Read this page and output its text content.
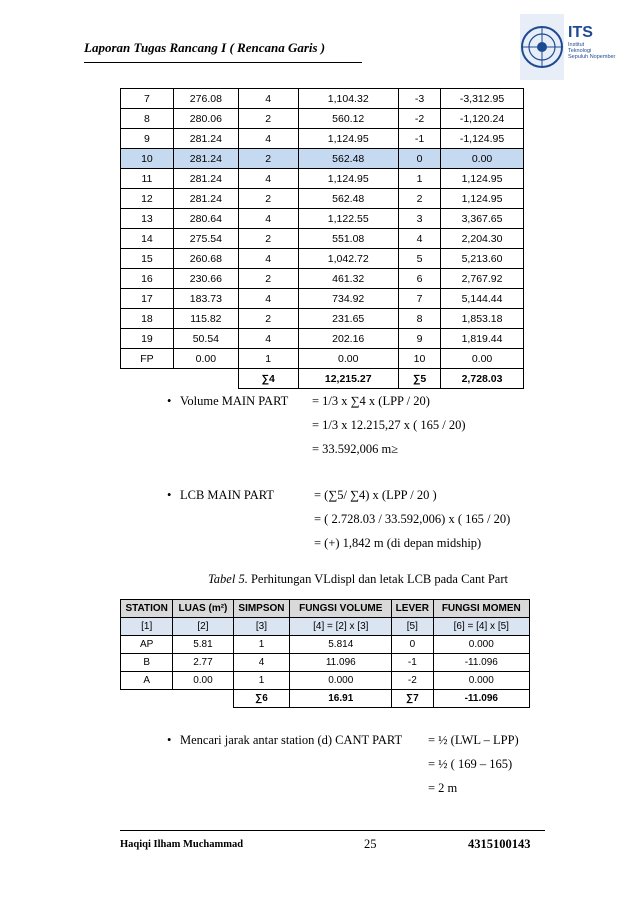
Laporan Tugas Rancang I ( Rencana Garis )
ITS
Institut
Teknologi
Sepuluh Nopember
7	276.08	4	1,104.32	-3	-3,312.95
8	280.06	2	560.12	-2	-1,120.24
9	281.24	4	1,124.95	-1	-1,124.95
10	281.24	2	562.48	0	0.00
11	281.24	4	1,124.95	1	1,124.95
12	281.24	2	562.48	2	1,124.95
13	280.64	4	1,122.55	3	3,367.65
14	275.54	2	551.08	4	2,204.30
15	260.68	4	1,042.72	5	5,213.60
16	230.66	2	461.32	6	2,767.92
17	183.73	4	734.92	7	5,144.44
18	115.82	2	231.65	8	1,853.18
19	50.54	4	202.16	9	1,819.44
FP	0.00	1	0.00	10	0.00
		∑4	12,215.27	∑5	2,728.03
• Volume MAIN PART = 1/3 x ∑4 x (LPP / 20)
= 1/3 x 12.215,27 x ( 165 / 20)
= 33.592,006 m≥
• LCB MAIN PART	= (∑5/ ∑4) x (LPP / 20 )
= ( 2.728.03 / 33.592,006) x ( 165 / 20)
= (+) 1,842 m (di depan midship)
Tabel 5. Perhitungan VLdispl dan letak LCB pada Cant Part
STATION	LUAS (m²)	SIMPSON	FUNGSI VOLUME	LEVER	FUNGSI MOMEN
[1]	[2]	[3]	[4] = [2] x [3]	[5]	[6] = [4] x [5]
AP	5.81	1	5.814	0	0.000
B	2.77	4	11.096	-1	-11.096
A	0.00	1	0.000	-2	0.000
		∑6	16.91	∑7	-11.096
• Mencari jarak antar station (d) CANT PART = ½ (LWL – LPP)
= ½ ( 169 – 165)
= 2 m
Haqiqi Ilham Muchammad	25	4315100143
